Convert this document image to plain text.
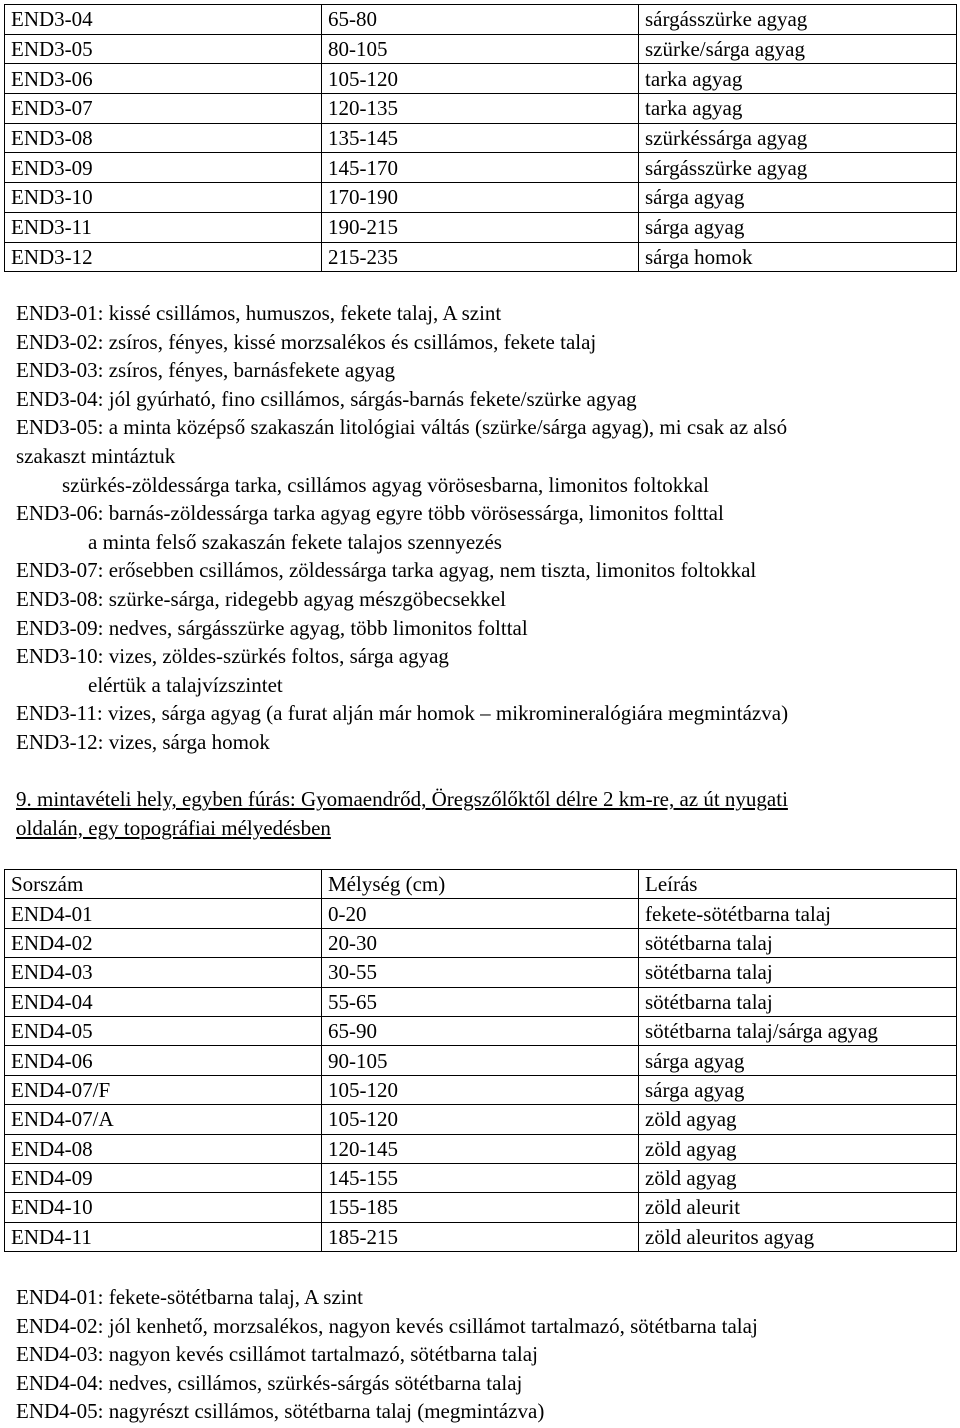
END3-04	65-80	sárgásszürke agyag
END3-05	80-105	szürke/sárga agyag
END3-06	105-120	tarka agyag
END3-07	120-135	tarka agyag
END3-08	135-145	szürkéssárga agyag
END3-09	145-170	sárgásszürke agyag
END3-10	170-190	sárga agyag
END3-11	190-215	sárga agyag
END3-12	215-235	sárga homok
END3-01: kissé csillámos, humuszos, fekete talaj, A szint
END3-02: zsíros, fényes, kissé morzsalékos és csillámos, fekete talaj
END3-03: zsíros, fényes, barnásfekete agyag
END3-04: jól gyúrható, fino csillámos, sárgás-barnás fekete/szürke agyag
END3-05: a minta középső szakaszán litológiai váltás (szürke/sárga agyag), mi csak az alsó
szakaszt mintáztuk
szürkés-zöldessárga tarka, csillámos agyag vörösesbarna, limonitos foltokkal
END3-06: barnás-zöldessárga tarka agyag egyre több vörösessárga, limonitos folttal
a minta felső szakaszán fekete talajos szennyezés
END3-07: erősebben csillámos, zöldessárga tarka agyag, nem tiszta, limonitos foltokkal
END3-08: szürke-sárga, ridegebb agyag mészgöbecsekkel
END3-09: nedves, sárgásszürke agyag, több limonitos folttal
END3-10: vizes, zöldes-szürkés foltos, sárga agyag
elértük a talajvízszintet
END3-11: vizes, sárga agyag (a furat alján már homok – mikromineralógiára megmintázva)
END3-12: vizes, sárga homok
9. mintavételi hely, egyben fúrás: Gyomaendrőd, Öregszőlőktől délre 2 km-re, az út nyugati
oldalán, egy topográfiai mélyedésben
Sorszám	Mélység (cm)	Leírás
END4-01	0-20	fekete-sötétbarna talaj
END4-02	20-30	sötétbarna talaj
END4-03	30-55	sötétbarna talaj
END4-04	55-65	sötétbarna talaj
END4-05	65-90	sötétbarna talaj/sárga agyag
END4-06	90-105	sárga agyag
END4-07/F	105-120	sárga agyag
END4-07/A	105-120	zöld agyag
END4-08	120-145	zöld agyag
END4-09	145-155	zöld agyag
END4-10	155-185	zöld aleurit
END4-11	185-215	zöld aleuritos agyag
END4-01: fekete-sötétbarna talaj, A szint
END4-02: jól kenhető, morzsalékos, nagyon kevés csillámot tartalmazó, sötétbarna talaj
END4-03: nagyon kevés csillámot tartalmazó, sötétbarna talaj
END4-04: nedves, csillámos, szürkés-sárgás sötétbarna talaj
END4-05: nagyrészt csillámos, sötétbarna talaj (megmintázva)
